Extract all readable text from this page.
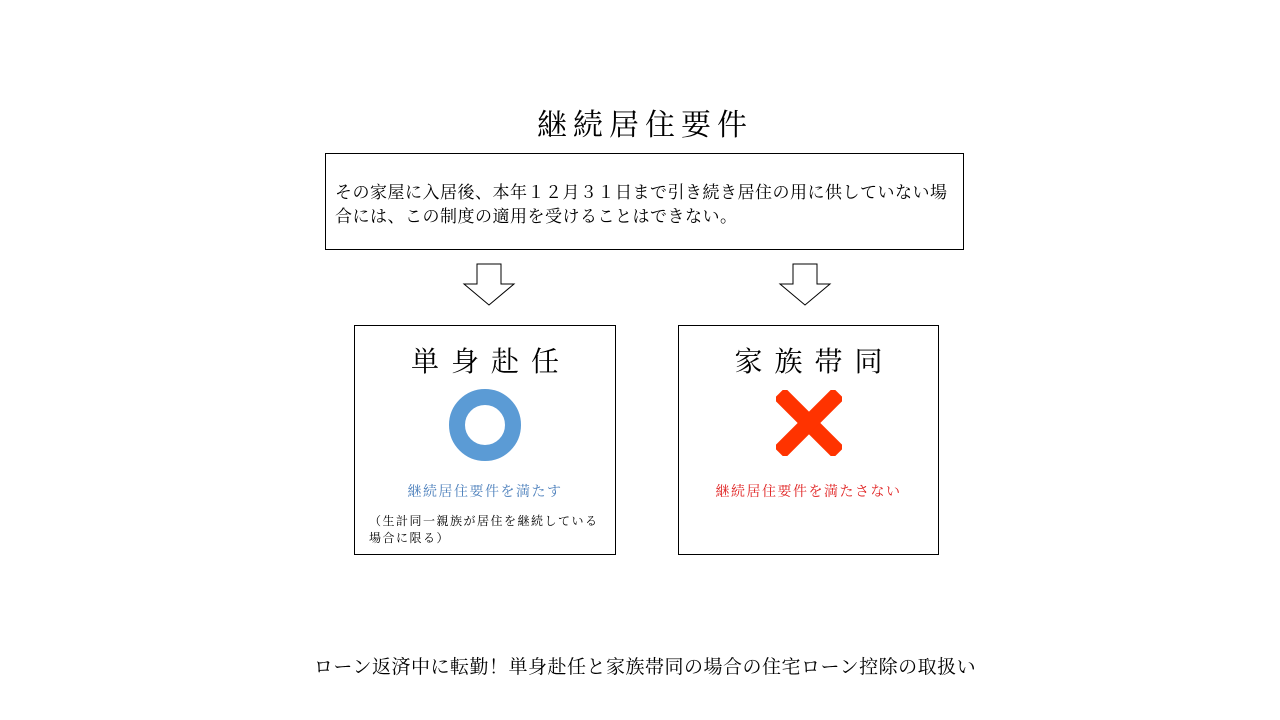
継続居住要件
その家屋に入居後、本年１２月３１日まで引き続き居住の用に供していない場合には、この制度の適用を受けることはできない。
単身赴任
継続居住要件を満たす
（生計同一親族が居住を継続している場合に限る）
家族帯同
継続居住要件を満たさない
ローン返済中に転勤！単身赴任と家族帯同の場合の住宅ローン控除の取扱い
